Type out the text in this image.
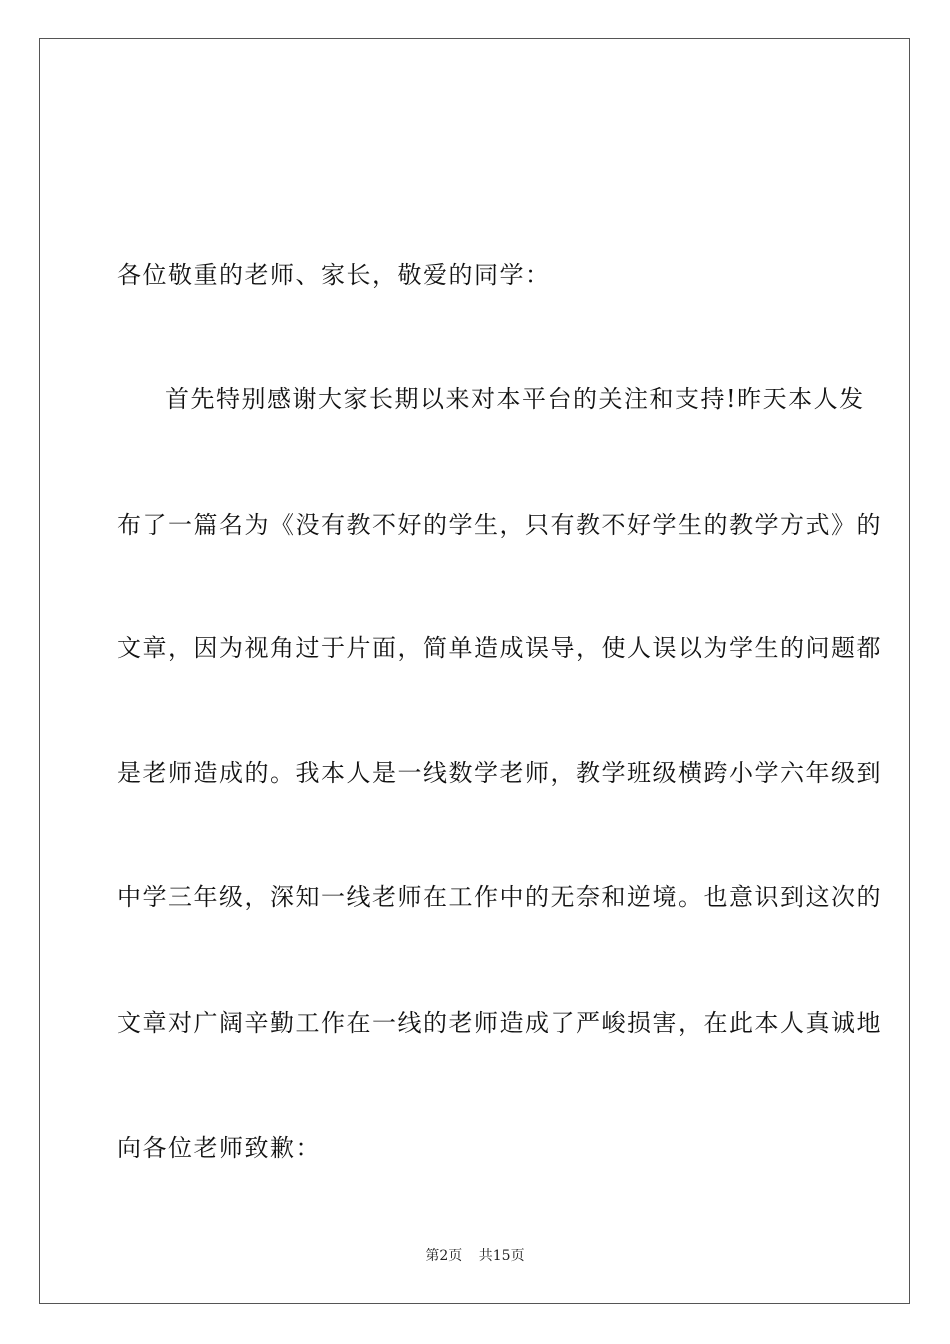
各位敬重的老师、家长，敬爱的同学：
首先特别感谢大家长期以来对本平台的关注和支持!昨天本人发
布了一篇名为《没有教不好的学生，只有教不好学生的教学方式》的
文章，因为视角过于片面，简单造成误导，使人误以为学生的问题都
是老师造成的。我本人是一线数学老师，教学班级横跨小学六年级到
中学三年级，深知一线老师在工作中的无奈和逆境。也意识到这次的
文章对广阔辛勤工作在一线的老师造成了严峻损害，在此本人真诚地
向各位老师致歉：
第2页 共15页
